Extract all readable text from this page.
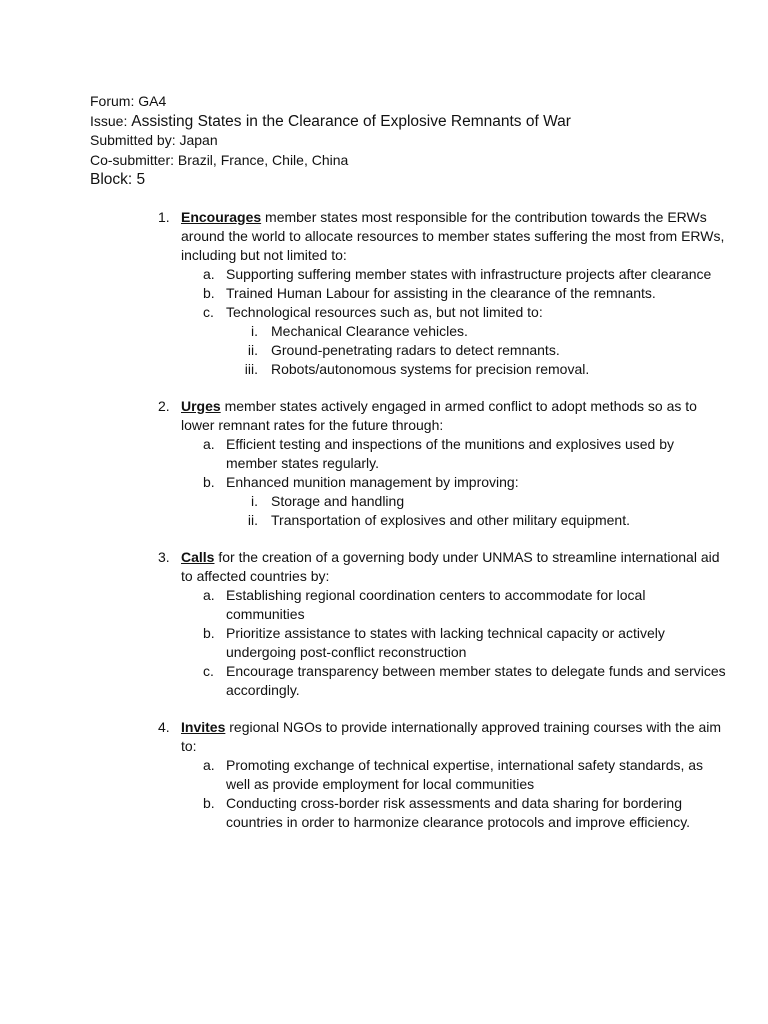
Forum: GA4
Issue: Assisting States in the Clearance of Explosive Remnants of War
Submitted by: Japan
Co-submitter: Brazil, France, Chile, China
Block: 5
1. Encourages member states most responsible for the contribution towards the ERWs around the world to allocate resources to member states suffering the most from ERWs, including but not limited to:
a. Supporting suffering member states with infrastructure projects after clearance
b. Trained Human Labour for assisting in the clearance of the remnants.
c. Technological resources such as, but not limited to:
i. Mechanical Clearance vehicles.
ii. Ground-penetrating radars to detect remnants.
iii. Robots/autonomous systems for precision removal.
2. Urges member states actively engaged in armed conflict to adopt methods so as to lower remnant rates for the future through:
a. Efficient testing and inspections of the munitions and explosives used by member states regularly.
b. Enhanced munition management by improving:
i. Storage and handling
ii. Transportation of explosives and other military equipment.
3. Calls for the creation of a governing body under UNMAS to streamline international aid to affected countries by:
a. Establishing regional coordination centers to accommodate for local communities
b. Prioritize assistance to states with lacking technical capacity or actively undergoing post-conflict reconstruction
c. Encourage transparency between member states to delegate funds and services accordingly.
4. Invites regional NGOs to provide internationally approved training courses with the aim to:
a. Promoting exchange of technical expertise, international safety standards, as well as provide employment for local communities
b. Conducting cross-border risk assessments and data sharing for bordering countries in order to harmonize clearance protocols and improve efficiency.
